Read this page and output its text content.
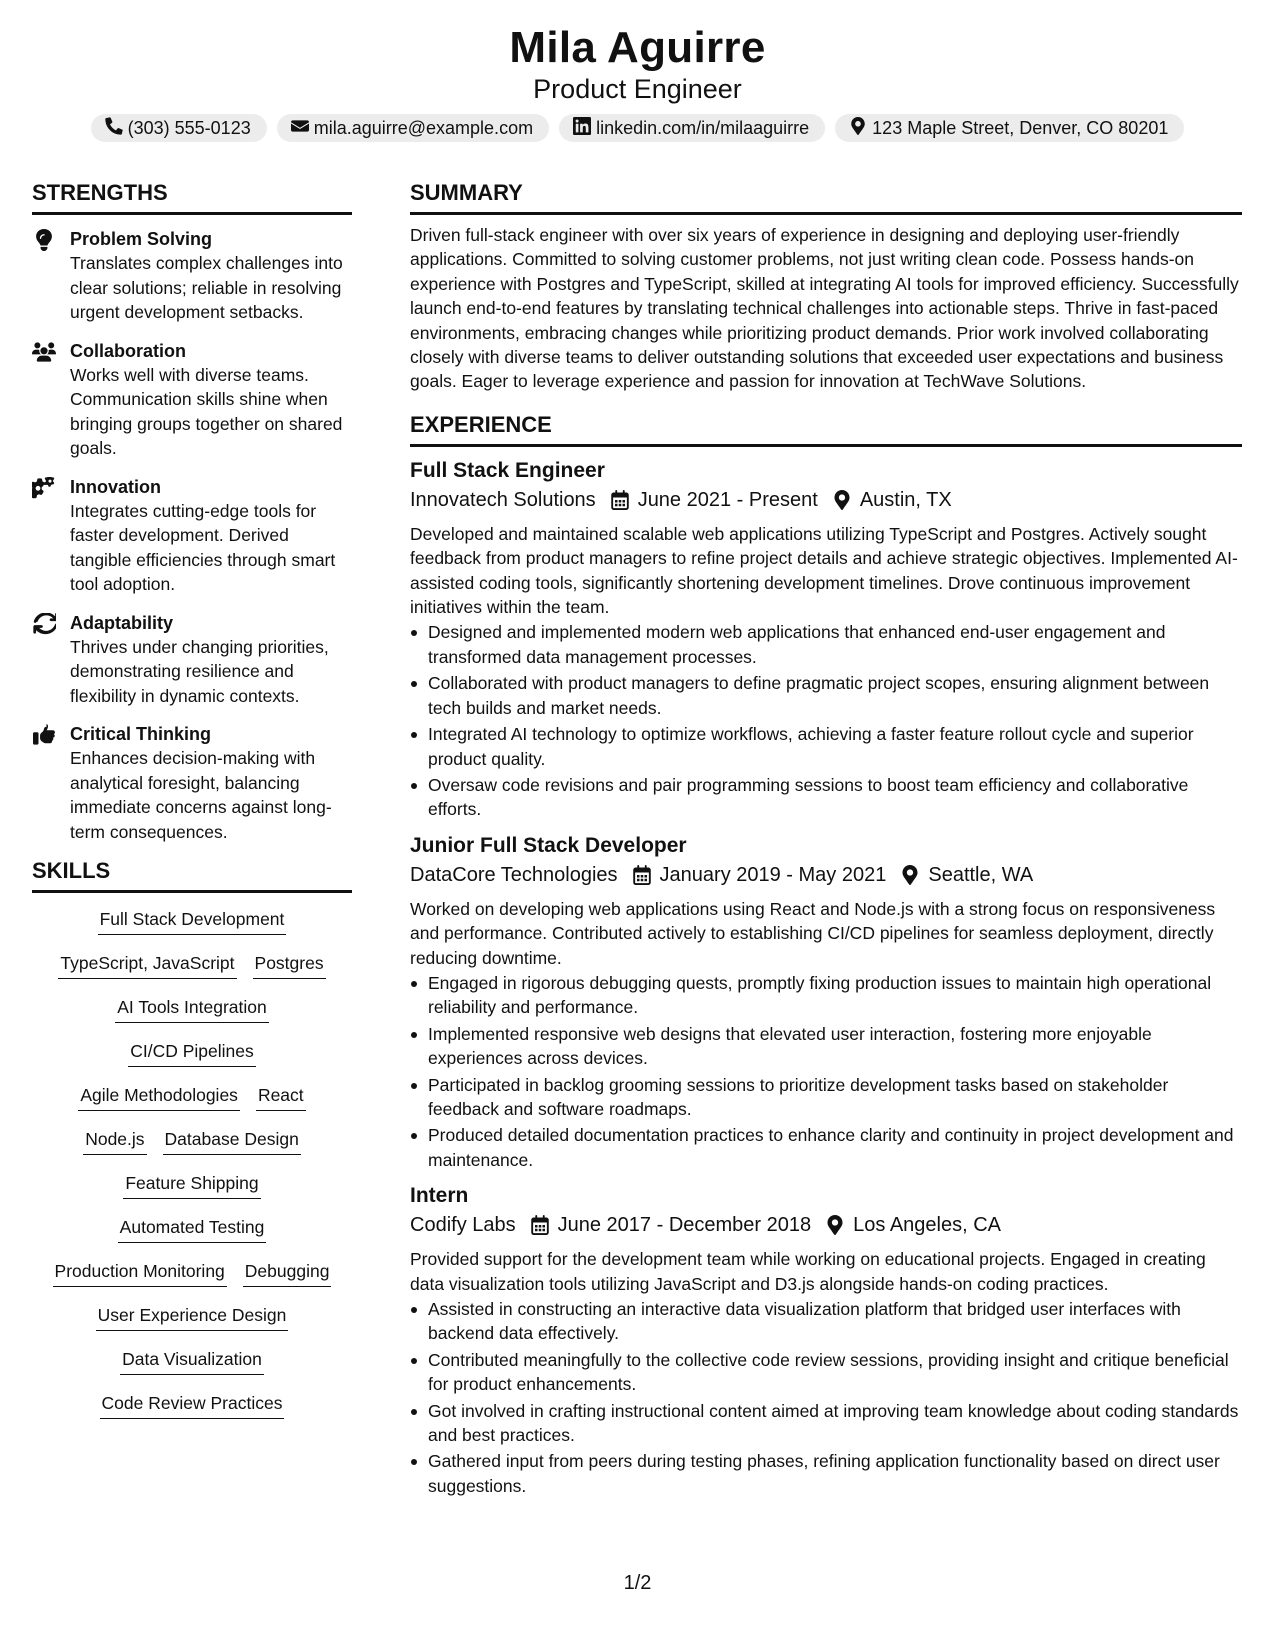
Mila Aguirre
Product Engineer
(303) 555-0123	mila.aguirre@example.com	linkedin.com/in/milaaguirre	123 Maple Street, Denver, CO 80201
STRENGTHS
Problem Solving
Translates complex challenges into clear solutions; reliable in resolving urgent development setbacks.
Collaboration
Works well with diverse teams. Communication skills shine when bringing groups together on shared goals.
Innovation
Integrates cutting-edge tools for faster development. Derived tangible efficiencies through smart tool adoption.
Adaptability
Thrives under changing priorities, demonstrating resilience and flexibility in dynamic contexts.
Critical Thinking
Enhances decision-making with analytical foresight, balancing immediate concerns against long-term consequences.
SKILLS
Full Stack Development
TypeScript, JavaScript Postgres
AI Tools Integration
CI/CD Pipelines
Agile Methodologies React
Node.js Database Design
Feature Shipping
Automated Testing
Production Monitoring Debugging
User Experience Design
Data Visualization
Code Review Practices
SUMMARY
Driven full-stack engineer with over six years of experience in designing and deploying user-friendly applications. Committed to solving customer problems, not just writing clean code. Possess hands-on experience with Postgres and TypeScript, skilled at integrating AI tools for improved efficiency. Successfully launch end-to-end features by translating technical challenges into actionable steps. Thrive in fast-paced environments, embracing changes while prioritizing product demands. Prior work involved collaborating closely with diverse teams to deliver outstanding solutions that exceeded user expectations and business goals. Eager to leverage experience and passion for innovation at TechWave Solutions.
EXPERIENCE
Full Stack Engineer
Innovatech Solutions June 2021 - Present Austin, TX
Developed and maintained scalable web applications utilizing TypeScript and Postgres. Actively sought feedback from product managers to refine project details and achieve strategic objectives. Implemented AI-assisted coding tools, significantly shortening development timelines. Drove continuous improvement initiatives within the team.
Designed and implemented modern web applications that enhanced end-user engagement and transformed data management processes.
Collaborated with product managers to define pragmatic project scopes, ensuring alignment between tech builds and market needs.
Integrated AI technology to optimize workflows, achieving a faster feature rollout cycle and superior product quality.
Oversaw code revisions and pair programming sessions to boost team efficiency and collaborative efforts.
Junior Full Stack Developer
DataCore Technologies January 2019 - May 2021 Seattle, WA
Worked on developing web applications using React and Node.js with a strong focus on responsiveness and performance. Contributed actively to establishing CI/CD pipelines for seamless deployment, directly reducing downtime.
Engaged in rigorous debugging quests, promptly fixing production issues to maintain high operational reliability and performance.
Implemented responsive web designs that elevated user interaction, fostering more enjoyable experiences across devices.
Participated in backlog grooming sessions to prioritize development tasks based on stakeholder feedback and software roadmaps.
Produced detailed documentation practices to enhance clarity and continuity in project development and maintenance.
Intern
Codify Labs June 2017 - December 2018 Los Angeles, CA
Provided support for the development team while working on educational projects. Engaged in creating data visualization tools utilizing JavaScript and D3.js alongside hands-on coding practices.
Assisted in constructing an interactive data visualization platform that bridged user interfaces with backend data effectively.
Contributed meaningfully to the collective code review sessions, providing insight and critique beneficial for product enhancements.
Got involved in crafting instructional content aimed at improving team knowledge about coding standards and best practices.
Gathered input from peers during testing phases, refining application functionality based on direct user suggestions.
1/2
